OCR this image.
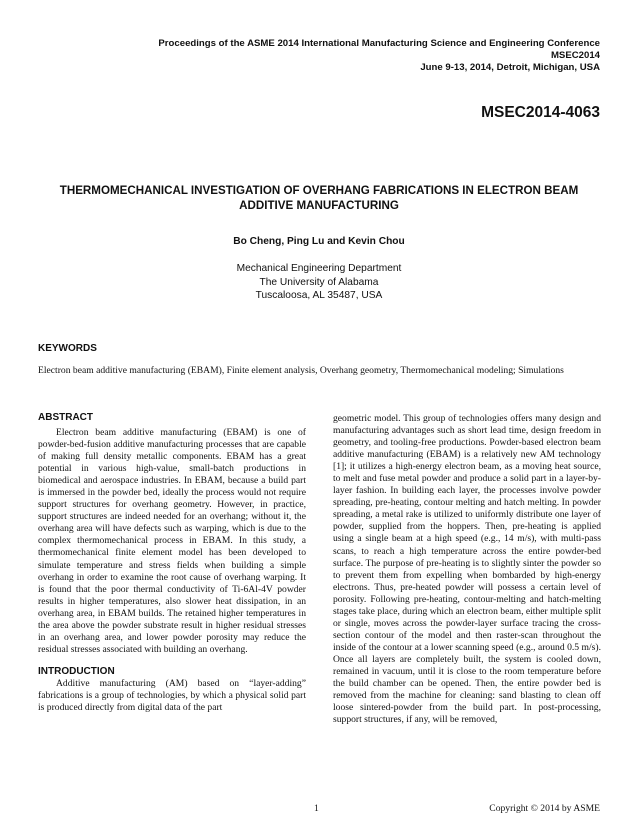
Proceedings of the ASME 2014 International Manufacturing Science and Engineering Conference
MSEC2014
June 9-13, 2014, Detroit, Michigan, USA
MSEC2014-4063
THERMOMECHANICAL INVESTIGATION OF OVERHANG FABRICATIONS IN ELECTRON BEAM
ADDITIVE MANUFACTURING
Bo Cheng, Ping Lu and Kevin Chou
Mechanical Engineering Department
The University of Alabama
Tuscaloosa, AL 35487, USA
KEYWORDS
Electron beam additive manufacturing (EBAM), Finite element analysis, Overhang geometry, Thermomechanical modeling; Simulations
ABSTRACT

Electron beam additive manufacturing (EBAM) is one of powder-bed-fusion additive manufacturing processes that are capable of making full density metallic components. EBAM has a great potential in various high-value, small-batch productions in biomedical and aerospace industries. In EBAM, because a build part is immersed in the powder bed, ideally the process would not require support structures for overhang geometry. However, in practice, support structures are indeed needed for an overhang; without it, the overhang area will have defects such as warping, which is due to the complex thermomechanical process in EBAM. In this study, a thermomechanical finite element model has been developed to simulate temperature and stress fields when building a simple overhang in order to examine the root cause of overhang warping. It is found that the poor thermal conductivity of Ti-6Al-4V powder results in higher temperatures, also slower heat dissipation, in an overhang area, in EBAM builds. The retained higher temperatures in the area above the powder substrate result in higher residual stresses in an overhang area, and lower powder porosity may reduce the residual stresses associated with building an overhang.

INTRODUCTION

Additive manufacturing (AM) based on “layer-adding” fabrications is a group of technologies, by which a physical solid part is produced directly from digital data of the part

geometric model. This group of technologies offers many design and manufacturing advantages such as short lead time, design freedom in geometry, and tooling-free productions. Powder-based electron beam additive manufacturing (EBAM) is a relatively new AM technology [1]; it utilizes a high-energy electron beam, as a moving heat source, to melt and fuse metal powder and produce a solid part in a layer-by-layer fashion. In building each layer, the processes involve powder spreading, pre-heating, contour melting and hatch melting. In powder spreading, a metal rake is utilized to uniformly distribute one layer of powder, supplied from the hoppers. Then, pre-heating is applied using a single beam at a high speed (e.g., 14 m/s), with multi-pass scans, to reach a high temperature across the entire powder-bed surface. The purpose of pre-heating is to slightly sinter the powder so to prevent them from expelling when bombarded by high-energy electrons. Thus, pre-heated powder will possess a certain level of porosity. Following pre-heating, contour-melting and hatch-melting stages take place, during which an electron beam, either multiple split or single, moves across the powder-layer surface tracing the cross-section contour of the model and then raster-scan throughout the inside of the contour at a lower scanning speed (e.g., around 0.5 m/s). Once all layers are completely built, the system is cooled down, remained in vacuum, until it is close to the room temperature before the build chamber can be opened. Then, the entire powder bed is removed from the machine for cleaning: sand blasting to clean off loose sintered-powder from the build part. In post-processing, support structures, if any, will be removed,

1	Copyright © 2014 by ASME
